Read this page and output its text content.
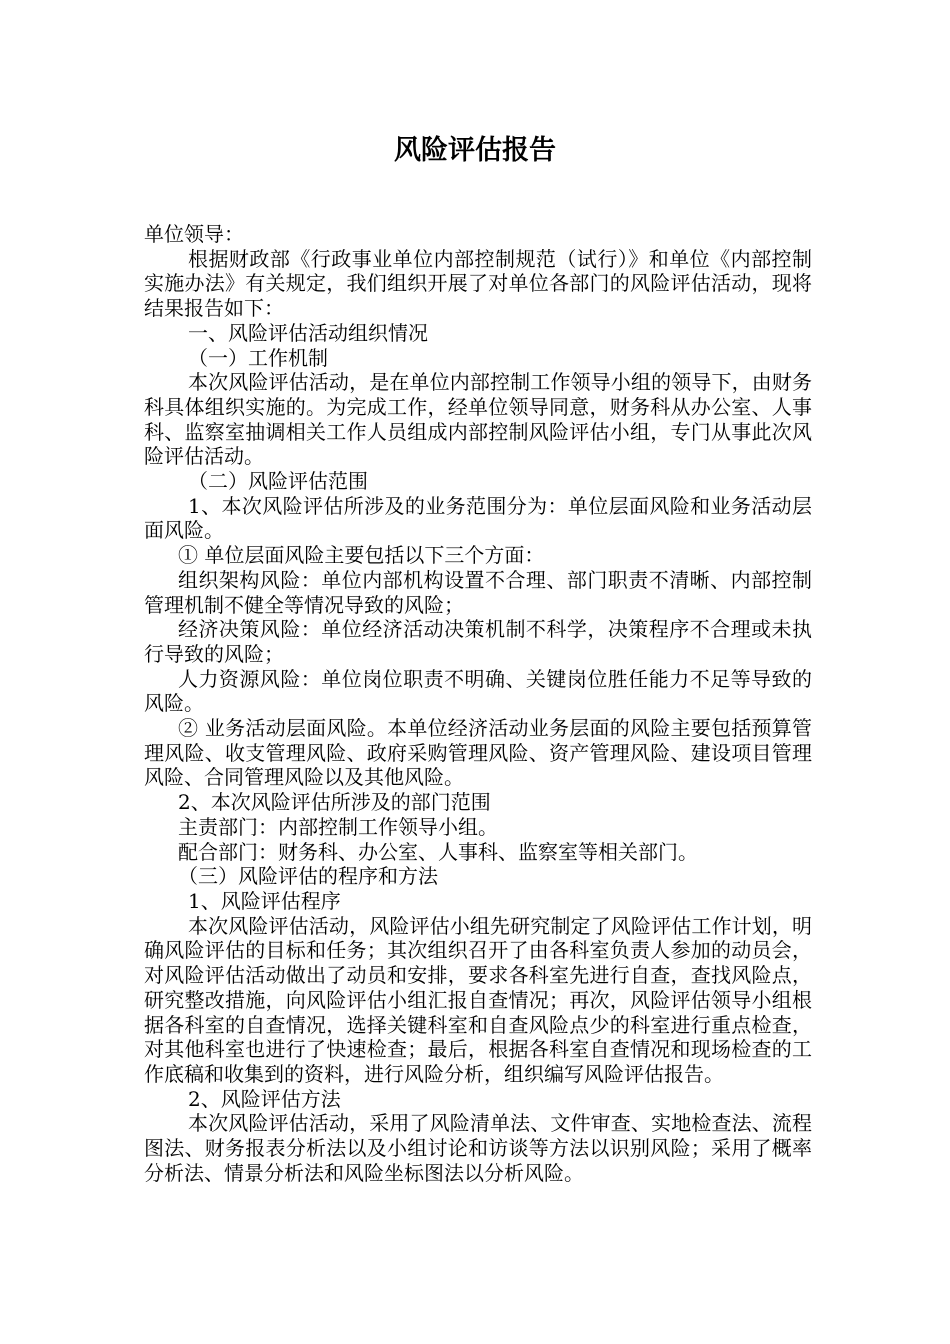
风险评估报告

单位领导：

根据财政部《行政事业单位内部控制规范（试行）》和单位《内部控制实施办法》有关规定，我们组织开展了对单位各部门的风险评估活动，现将结果报告如下：

一、风险评估活动组织情况

（一）工作机制

本次风险评估活动，是在单位内部控制工作领导小组的领导下，由财务科具体组织实施的。为完成工作，经单位领导同意，财务科从办公室、人事科、监察室抽调相关工作人员组成内部控制风险评估小组，专门从事此次风险评估活动。

（二）风险评估范围

1、本次风险评估所涉及的业务范围分为：单位层面风险和业务活动层面风险。

① 单位层面风险主要包括以下三个方面：

组织架构风险：单位内部机构设置不合理、部门职责不清晰、内部控制管理机制不健全等情况导致的风险；

经济决策风险：单位经济活动决策机制不科学，决策程序不合理或未执行导致的风险；

人力资源风险：单位岗位职责不明确、关键岗位胜任能力不足等导致的风险。

② 业务活动层面风险。本单位经济活动业务层面的风险主要包括预算管理风险、收支管理风险、政府采购管理风险、资产管理风险、建设项目管理风险、合同管理风险以及其他风险。

2、本次风险评估所涉及的部门范围

主责部门：内部控制工作领导小组。

配合部门：财务科、办公室、人事科、监察室等相关部门。

（三）风险评估的程序和方法

1、风险评估程序

本次风险评估活动，风险评估小组先研究制定了风险评估工作计划，明确风险评估的目标和任务；其次组织召开了由各科室负责人参加的动员会，对风险评估活动做出了动员和安排，要求各科室先进行自查，查找风险点，研究整改措施，向风险评估小组汇报自查情况；再次，风险评估领导小组根据各科室的自查情况，选择关键科室和自查风险点少的科室进行重点检查，对其他科室也进行了快速检查；最后，根据各科室自查情况和现场检查的工作底稿和收集到的资料，进行风险分析，组织编写风险评估报告。

2、风险评估方法

本次风险评估活动，采用了风险清单法、文件审查、实地检查法、流程图法、财务报表分析法以及小组讨论和访谈等方法以识别风险；采用了概率分析法、情景分析法和风险坐标图法以分析风险。
